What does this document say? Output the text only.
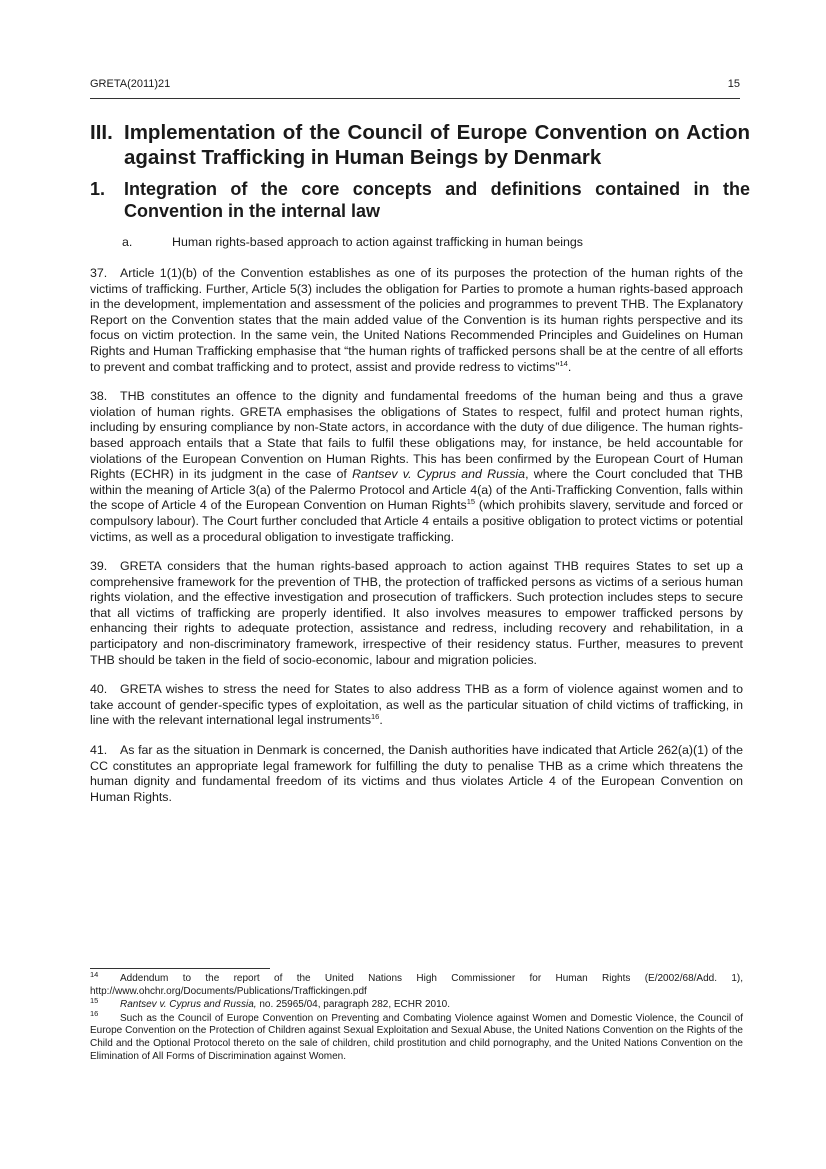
GRETA(2011)21	15
III. Implementation of the Council of Europe Convention on Action against Trafficking in Human Beings by Denmark
1. Integration of the core concepts and definitions contained in the Convention in the internal law
a.	Human rights-based approach to action against trafficking in human beings

37. Article 1(1)(b) of the Convention establishes as one of its purposes the protection of the human rights of the victims of trafficking. Further, Article 5(3) includes the obligation for Parties to promote a human rights-based approach in the development, implementation and assessment of the policies and programmes to prevent THB. The Explanatory Report on the Convention states that the main added value of the Convention is its human rights perspective and its focus on victim protection. In the same vein, the United Nations Recommended Principles and Guidelines on Human Rights and Human Trafficking emphasise that “the human rights of trafficked persons shall be at the centre of all efforts to prevent and combat trafficking and to protect, assist and provide redress to victims”$^{14}$.

38. THB constitutes an offence to the dignity and fundamental freedoms of the human being and thus a grave violation of human rights. GRETA emphasises the obligations of States to respect, fulfil and protect human rights, including by ensuring compliance by non-State actors, in accordance with the duty of due diligence. The human rights-based approach entails that a State that fails to fulfil these obligations may, for instance, be held accountable for violations of the European Convention on Human Rights. This has been confirmed by the European Court of Human Rights (ECHR) in its judgment in the case of Rantsev v. Cyprus and Russia, where the Court concluded that THB within the meaning of Article 3(a) of the Palermo Protocol and Article 4(a) of the Anti-Trafficking Convention, falls within the scope of Article 4 of the European Convention on Human Rights$^{15}$ (which prohibits slavery, servitude and forced or compulsory labour). The Court further concluded that Article 4 entails a positive obligation to protect victims or potential victims, as well as a procedural obligation to investigate trafficking.

39. GRETA considers that the human rights-based approach to action against THB requires States to set up a comprehensive framework for the prevention of THB, the protection of trafficked persons as victims of a serious human rights violation, and the effective investigation and prosecution of traffickers. Such protection includes steps to secure that all victims of trafficking are properly identified. It also involves measures to empower trafficked persons by enhancing their rights to adequate protection, assistance and redress, including recovery and rehabilitation, in a participatory and non-discriminatory framework, irrespective of their residency status. Further, measures to prevent THB should be taken in the field of socio-economic, labour and migration policies.

40. GRETA wishes to stress the need for States to also address THB as a form of violence against women and to take account of gender-specific types of exploitation, as well as the particular situation of child victims of trafficking, in line with the relevant international legal instruments$^{16}$.

41. As far as the situation in Denmark is concerned, the Danish authorities have indicated that Article 262(a)(1) of the CC constitutes an appropriate legal framework for fulfilling the duty to penalise THB as a crime which threatens the human dignity and fundamental freedom of its victims and thus violates Article 4 of the European Convention on Human Rights.

14 Addendum to the report of the United Nations High Commissioner for Human Rights (E/2002/68/Add. 1), http://www.ohchr.org/Documents/Publications/Traffickingen.pdf

15 Rantsev v. Cyprus and Russia, no. 25965/04, paragraph 282, ECHR 2010.

16 Such as the Council of Europe Convention on Preventing and Combating Violence against Women and Domestic Violence, the Council of Europe Convention on the Protection of Children against Sexual Exploitation and Sexual Abuse, the United Nations Convention on the Rights of the Child and the Optional Protocol thereto on the sale of children, child prostitution and child pornography, and the United Nations Convention on the Elimination of All Forms of Discrimination against Women.
